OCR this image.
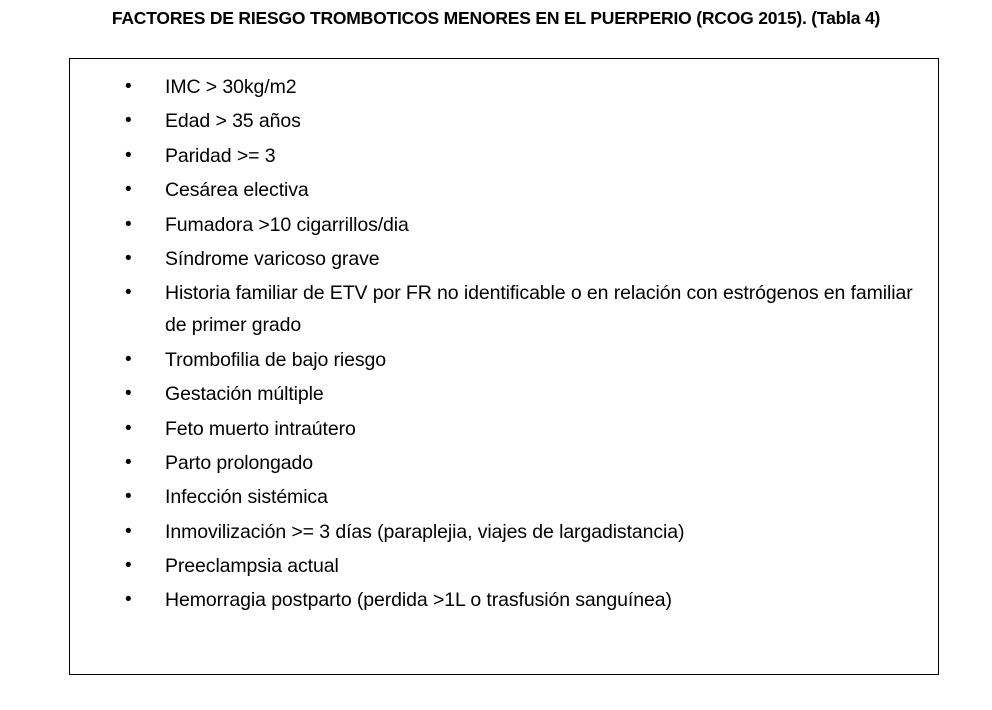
FACTORES DE RIESGO TROMBOTICOS MENORES EN EL PUERPERIO (RCOG 2015). (Tabla 4)
• IMC > 30kg/m2
• Edad > 35 años
• Paridad >= 3
• Cesárea electiva
• Fumadora >10 cigarrillos/dia
• Síndrome varicoso grave
• Historia familiar de ETV por FR no identificable o en relación con estrógenos en familiar de primer grado
• Trombofilia de bajo riesgo
• Gestación múltiple
• Feto muerto intraútero
• Parto prolongado
• Infección sistémica
• Inmovilización >= 3 días (paraplejia, viajes de largadistancia)
• Preeclampsia actual
• Hemorragia postparto (perdida >1L o trasfusión sanguínea)
